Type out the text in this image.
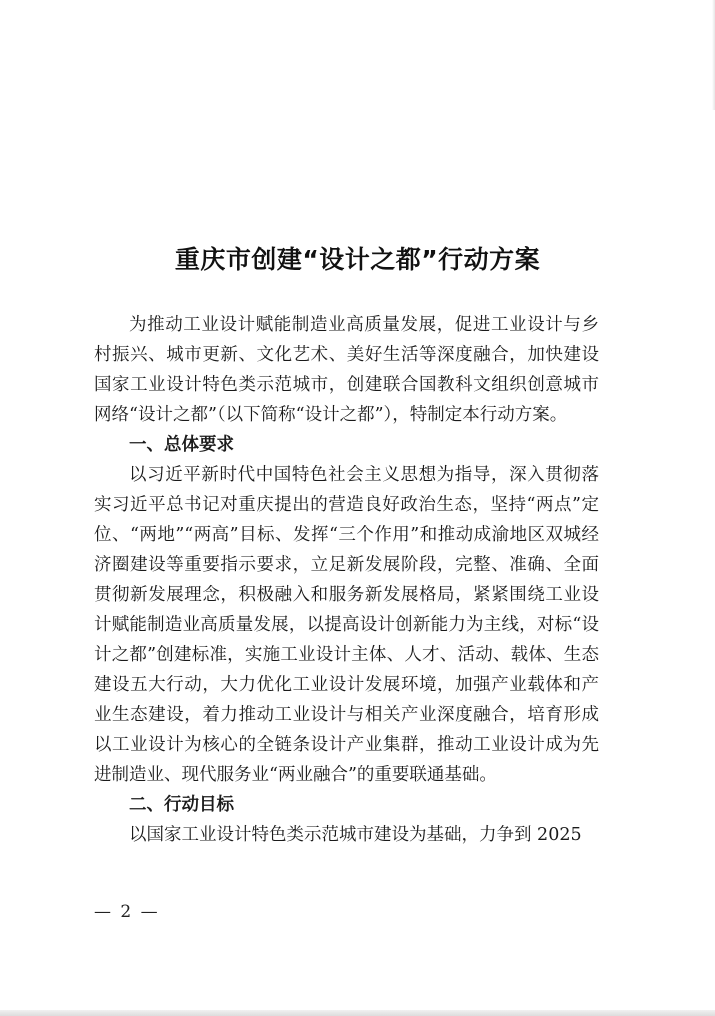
重庆市创建“设计之都”行动方案

为推动工业设计赋能制造业高质量发展，促进工业设计与乡村振兴、城市更新、文化艺术、美好生活等深度融合，加快建设国家工业设计特色类示范城市，创建联合国教科文组织创意城市网络“设计之都”（以下简称“设计之都”），特制定本行动方案。

一、总体要求

以习近平新时代中国特色社会主义思想为指导，深入贯彻落实习近平总书记对重庆提出的营造良好政治生态，坚持“两点”定位、“两地”“两高”目标、发挥“三个作用”和推动成渝地区双城经济圈建设等重要指示要求，立足新发展阶段，完整、准确、全面贯彻新发展理念，积极融入和服务新发展格局，紧紧围绕工业设计赋能制造业高质量发展，以提高设计创新能力为主线，对标“设计之都”创建标准，实施工业设计主体、人才、活动、载体、生态建设五大行动，大力优化工业设计发展环境，加强产业载体和产业生态建设，着力推动工业设计与相关产业深度融合，培育形成以工业设计为核心的全链条设计产业集群，推动工业设计成为先进制造业、现代服务业“两业融合”的重要联通基础。

二、行动目标

以国家工业设计特色类示范城市建设为基础，力争到 2025

— 2 —
